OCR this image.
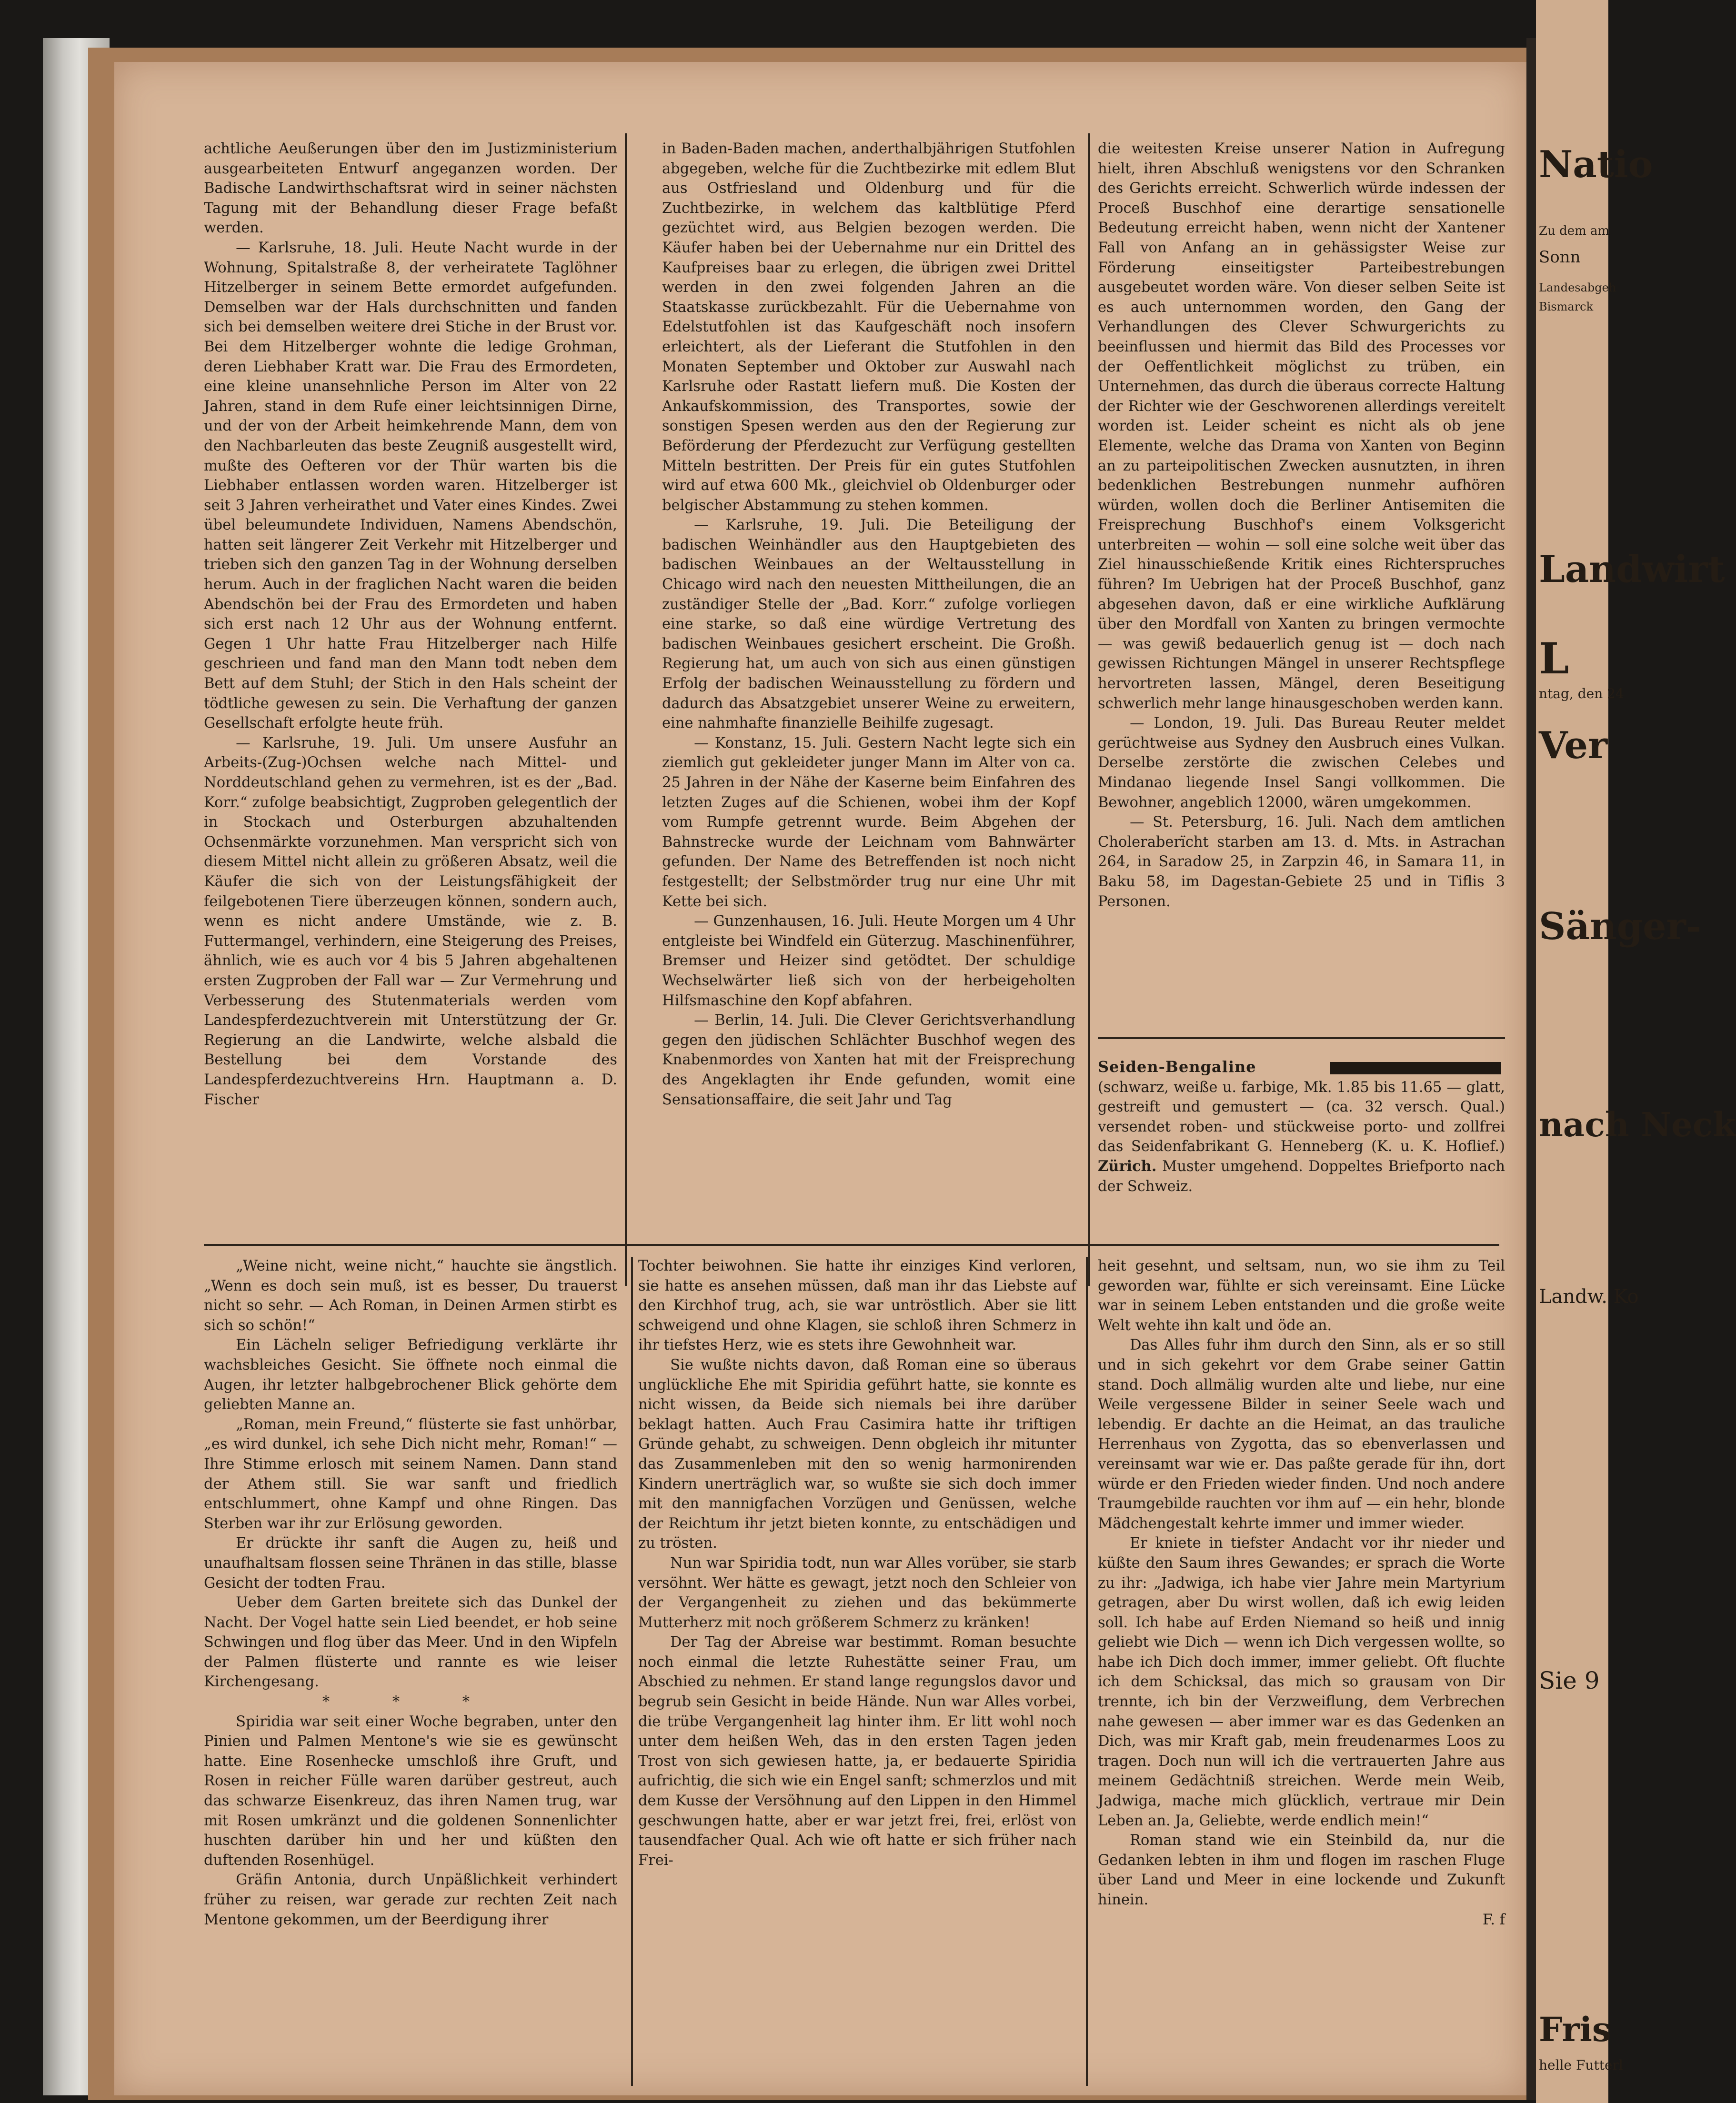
achtliche Aeußerungen über den im Justizministerium ausgearbeiteten Entwurf angeganzen worden. Der Badische Landwirthschaftsrat wird in seiner nächsten Tagung mit der Behandlung dieser Frage befaßt werden.

— Karlsruhe, 18. Juli. Heute Nacht wurde in der Wohnung, Spitalstraße 8, der verheiratete Taglöhner Hitzelberger in seinem Bette ermordet aufgefunden. Demselben war der Hals durchschnitten und fanden sich bei demselben weitere drei Stiche in der Brust vor. Bei dem Hitzelberger wohnte die ledige Grohman, deren Liebhaber Kratt war. Die Frau des Ermordeten, eine kleine unansehnliche Person im Alter von 22 Jahren, stand in dem Rufe einer leichtsinnigen Dirne, und der von der Arbeit heimkehrende Mann, dem von den Nachbarleuten das beste Zeugniß ausgestellt wird, mußte des Oefteren vor der Thür warten bis die Liebhaber entlassen worden waren. Hitzelberger ist seit 3 Jahren verheirathet und Vater eines Kindes. Zwei übel beleumundete Individuen, Namens Abendschön, hatten seit längerer Zeit Verkehr mit Hitzelberger und trieben sich den ganzen Tag in der Wohnung derselben herum. Auch in der fraglichen Nacht waren die beiden Abendschön bei der Frau des Ermordeten und haben sich erst nach 12 Uhr aus der Wohnung entfernt. Gegen 1 Uhr hatte Frau Hitzelberger nach Hilfe geschrieen und fand man den Mann todt neben dem Bett auf dem Stuhl; der Stich in den Hals scheint der tödtliche gewesen zu sein. Die Verhaftung der ganzen Gesellschaft erfolgte heute früh.

— Karlsruhe, 19. Juli. Um unsere Ausfuhr an Arbeits-(Zug-)Ochsen welche nach Mittel- und Norddeutschland gehen zu vermehren, ist es der „Bad. Korr.“ zufolge beabsichtigt, Zugproben gelegentlich der in Stockach und Osterburgen abzuhaltenden Ochsenmärkte vorzunehmen. Man verspricht sich von diesem Mittel nicht allein zu größeren Absatz, weil die Käufer die sich von der Leistungsfähigkeit der feilgebotenen Tiere überzeugen können, sondern auch, wenn es nicht andere Umstände, wie z. B. Futtermangel, verhindern, eine Steigerung des Preises, ähnlich, wie es auch vor 4 bis 5 Jahren abgehaltenen ersten Zugproben der Fall war — Zur Vermehrung und Verbesserung des Stutenmaterials werden vom Landespferdezuchtverein mit Unterstützung der Gr. Regierung an die Landwirte, welche alsbald die Bestellung bei dem Vorstande des Landespferdezuchtvereins Hrn. Hauptmann a. D. Fischer

in Baden-Baden machen, anderthalbjährigen Stutfohlen abgegeben, welche für die Zuchtbezirke mit edlem Blut aus Ostfriesland und Oldenburg und für die Zuchtbezirke, in welchem das kaltblütige Pferd gezüchtet wird, aus Belgien bezogen werden. Die Käufer haben bei der Uebernahme nur ein Drittel des Kaufpreises baar zu erlegen, die übrigen zwei Drittel werden in den zwei folgenden Jahren an die Staatskasse zurückbezahlt. Für die Uebernahme von Edelstutfohlen ist das Kaufgeschäft noch insofern erleichtert, als der Lieferant die Stutfohlen in den Monaten September und Oktober zur Auswahl nach Karlsruhe oder Rastatt liefern muß. Die Kosten der Ankaufskommission, des Transportes, sowie der sonstigen Spesen werden aus den der Regierung zur Beförderung der Pferdezucht zur Verfügung gestellten Mitteln bestritten. Der Preis für ein gutes Stutfohlen wird auf etwa 600 Mk., gleichviel ob Oldenburger oder belgischer Abstammung zu stehen kommen.

— Karlsruhe, 19. Juli. Die Beteiligung der badischen Weinhändler aus den Hauptgebieten des badischen Weinbaues an der Weltausstellung in Chicago wird nach den neuesten Mittheilungen, die an zuständiger Stelle der „Bad. Korr.“ zufolge vorliegen eine starke, so daß eine würdige Vertretung des badischen Weinbaues gesichert erscheint. Die Großh. Regierung hat, um auch von sich aus einen günstigen Erfolg der badischen Weinausstellung zu fördern und dadurch das Absatzgebiet unserer Weine zu erweitern, eine nahmhafte finanzielle Beihilfe zugesagt.

— Konstanz, 15. Juli. Gestern Nacht legte sich ein ziemlich gut gekleideter junger Mann im Alter von ca. 25 Jahren in der Nähe der Kaserne beim Einfahren des letzten Zuges auf die Schienen, wobei ihm der Kopf vom Rumpfe getrennt wurde. Beim Abgehen der Bahnstrecke wurde der Leichnam vom Bahnwärter gefunden. Der Name des Betreffenden ist noch nicht festgestellt; der Selbstmörder trug nur eine Uhr mit Kette bei sich.

— Gunzenhausen, 16. Juli. Heute Morgen um 4 Uhr entgleiste bei Windfeld ein Güterzug. Maschinenführer, Bremser und Heizer sind getödtet. Der schuldige Wechselwärter ließ sich von der herbeigeholten Hilfsmaschine den Kopf abfahren.

— Berlin, 14. Juli. Die Clever Gerichtsverhandlung gegen den jüdischen Schlächter Buschhof wegen des Knabenmordes von Xanten hat mit der Freisprechung des Angeklagten ihr Ende gefunden, womit eine Sensationsaffaire, die seit Jahr und Tag

die weitesten Kreise unserer Nation in Aufregung hielt, ihren Abschluß wenigstens vor den Schranken des Gerichts erreicht. Schwerlich würde indessen der Proceß Buschhof eine derartige sensationelle Bedeutung erreicht haben, wenn nicht der Xantener Fall von Anfang an in gehässigster Weise zur Förderung einseitigster Parteibestrebungen ausgebeutet worden wäre. Von dieser selben Seite ist es auch unternommen worden, den Gang der Verhandlungen des Clever Schwurgerichts zu beeinflussen und hiermit das Bild des Processes vor der Oeffentlichkeit möglichst zu trüben, ein Unternehmen, das durch die überaus correcte Haltung der Richter wie der Geschworenen allerdings vereitelt worden ist. Leider scheint es nicht als ob jene Elemente, welche das Drama von Xanten von Beginn an zu parteipolitischen Zwecken ausnutzten, in ihren bedenklichen Bestrebungen nunmehr aufhören würden, wollen doch die Berliner Antisemiten die Freisprechung Buschhof's einem Volksgericht unterbreiten — wohin — soll eine solche weit über das Ziel hinausschießende Kritik eines Richterspruches führen? Im Uebrigen hat der Proceß Buschhof, ganz abgesehen davon, daß er eine wirkliche Aufklärung über den Mordfall von Xanten zu bringen vermochte — was gewiß bedauerlich genug ist — doch nach gewissen Richtungen Mängel in unserer Rechtspflege hervortreten lassen, Mängel, deren Beseitigung schwerlich mehr lange hinausgeschoben werden kann.

— London, 19. Juli. Das Bureau Reuter meldet gerüchtweise aus Sydney den Ausbruch eines Vulkan. Derselbe zerstörte die zwischen Celebes und Mindanao liegende Insel Sangi vollkommen. Die Bewohner, angeblich 12000, wären umgekommen.

— St. Petersburg, 16. Juli. Nach dem amtlichen Choleraberïcht starben am 13. d. Mts. in Astrachan 264, in Saradow 25, in Zarpzin 46, in Samara 11, in Baku 58, im Dagestan-Gebiete 25 und in Tiflis 3 Personen.

„Weine nicht, weine nicht,“ hauchte sie ängstlich. „Wenn es doch sein muß, ist es besser, Du trauerst nicht so sehr. — Ach Roman, in Deinen Armen stirbt es sich so schön!“

Ein Lächeln seliger Befriedigung verklärte ihr wachsbleiches Gesicht. Sie öffnete noch einmal die Augen, ihr letzter halbgebrochener Blick gehörte dem geliebten Manne an.

„Roman, mein Freund,“ flüsterte sie fast unhörbar, „es wird dunkel, ich sehe Dich nicht mehr, Roman!“ — Ihre Stimme erlosch mit seinem Namen. Dann stand der Athem still. Sie war sanft und friedlich entschlummert, ohne Kampf und ohne Ringen. Das Sterben war ihr zur Erlösung geworden.

Er drückte ihr sanft die Augen zu, heiß und unaufhaltsam flossen seine Thränen in das stille, blasse Gesicht der todten Frau.

Ueber dem Garten breitete sich das Dunkel der Nacht. Der Vogel hatte sein Lied beendet, er hob seine Schwingen und flog über das Meer. Und in den Wipfeln der Palmen flüsterte und rannte es wie leiser Kirchengesang.

* * *

Spiridia war seit einer Woche begraben, unter den Pinien und Palmen Mentone's wie sie es gewünscht hatte. Eine Rosenhecke umschloß ihre Gruft, und Rosen in reicher Fülle waren darüber gestreut, auch das schwarze Eisenkreuz, das ihren Namen trug, war mit Rosen umkränzt und die goldenen Sonnenlichter huschten darüber hin und her und küßten den duftenden Rosenhügel.

Gräfin Antonia, durch Unpäßlichkeit verhindert früher zu reisen, war gerade zur rechten Zeit nach Mentone gekommen, um der Beerdigung ihrer

Tochter beiwohnen. Sie hatte ihr einziges Kind verloren, sie hatte es ansehen müssen, daß man ihr das Liebste auf den Kirchhof trug, ach, sie war untröstlich. Aber sie litt schweigend und ohne Klagen, sie schloß ihren Schmerz in ihr tiefstes Herz, wie es stets ihre Gewohnheit war.

Sie wußte nichts davon, daß Roman eine so überaus unglückliche Ehe mit Spiridia geführt hatte, sie konnte es nicht wissen, da Beide sich niemals bei ihre darüber beklagt hatten. Auch Frau Casimira hatte ihr triftigen Gründe gehabt, zu schweigen. Denn obgleich ihr mitunter das Zusammenleben mit den so wenig harmonirenden Kindern unerträglich war, so wußte sie sich doch immer mit den mannigfachen Vorzügen und Genüssen, welche der Reichtum ihr jetzt bieten konnte, zu entschädigen und zu trösten.

Nun war Spiridia todt, nun war Alles vorüber, sie starb versöhnt. Wer hätte es gewagt, jetzt noch den Schleier von der Vergangenheit zu ziehen und das bekümmerte Mutterherz mit noch größerem Schmerz zu kränken!

Der Tag der Abreise war bestimmt. Roman besuchte noch einmal die letzte Ruhestätte seiner Frau, um Abschied zu nehmen. Er stand lange regungslos davor und begrub sein Gesicht in beide Hände. Nun war Alles vorbei, die trübe Vergangenheit lag hinter ihm. Er litt wohl noch unter dem heißen Weh, das in den ersten Tagen jeden Trost von sich gewiesen hatte, ja, er bedauerte Spiridia aufrichtig, die sich wie ein Engel sanft; schmerzlos und mit dem Kusse der Versöhnung auf den Lippen in den Himmel geschwungen hatte, aber er war jetzt frei, frei, erlöst von tausendfacher Qual. Ach wie oft hatte er sich früher nach Frei-

heit gesehnt, und seltsam, nun, wo sie ihm zu Teil geworden war, fühlte er sich vereinsamt. Eine Lücke war in seinem Leben entstanden und die große weite Welt wehte ihn kalt und öde an.

Das Alles fuhr ihm durch den Sinn, als er so still und in sich gekehrt vor dem Grabe seiner Gattin stand. Doch allmälig wurden alte und liebe, nur eine Weile vergessene Bilder in seiner Seele wach und lebendig. Er dachte an die Heimat, an das trauliche Herrenhaus von Zygotta, das so ebenverlassen und vereinsamt war wie er. Das paßte gerade für ihn, dort würde er den Frieden wieder finden. Und noch andere Traumgebilde rauchten vor ihm auf — ein hehr, blonde Mädchengestalt kehrte immer und immer wieder.

Er kniete in tiefster Andacht vor ihr nieder und küßte den Saum ihres Gewandes; er sprach die Worte zu ihr: „Jadwiga, ich habe vier Jahre mein Martyrium getragen, aber Du wirst wollen, daß ich ewig leiden soll. Ich habe auf Erden Niemand so heiß und innig geliebt wie Dich — wenn ich Dich vergessen wollte, so habe ich Dich doch immer, immer geliebt. Oft fluchte ich dem Schicksal, das mich so grausam von Dir trennte, ich bin der Verzweiflung, dem Verbrechen nahe gewesen — aber immer war es das Gedenken an Dich, was mir Kraft gab, mein freudenarmes Loos zu tragen. Doch nun will ich die vertrauerten Jahre aus meinem Gedächtniß streichen. Werde mein Weib, Jadwiga, mache mich glücklich, vertraue mir Dein Leben an. Ja, Geliebte, werde endlich mein!“

Roman stand wie ein Steinbild da, nur die Gedanken lebten in ihm und flogen im raschen Fluge über Land und Meer in eine lockende und Zukunft hinein.

F. f

Seiden-Bengaline  (schwarz, weiße u. farbige, Mk. 1.85 bis 11.65 — glatt, gestreift und gemustert — (ca. 32 versch. Qual.) versendet roben- und stückweise porto- und zollfrei das Seidenfabrikant G. Henneberg (K. u. K. Hoflief.) Zürich. Muster umgehend. Doppeltes Briefporto nach der Schweiz.
Natio
Zu dem am
Sonn
Landesabgeh
Bismarck
Landwirt
L
ntag, den 24
Ver
Sänger-
nach Neck
Landw. Ko
Sie 9
Fris
helle Futterl
